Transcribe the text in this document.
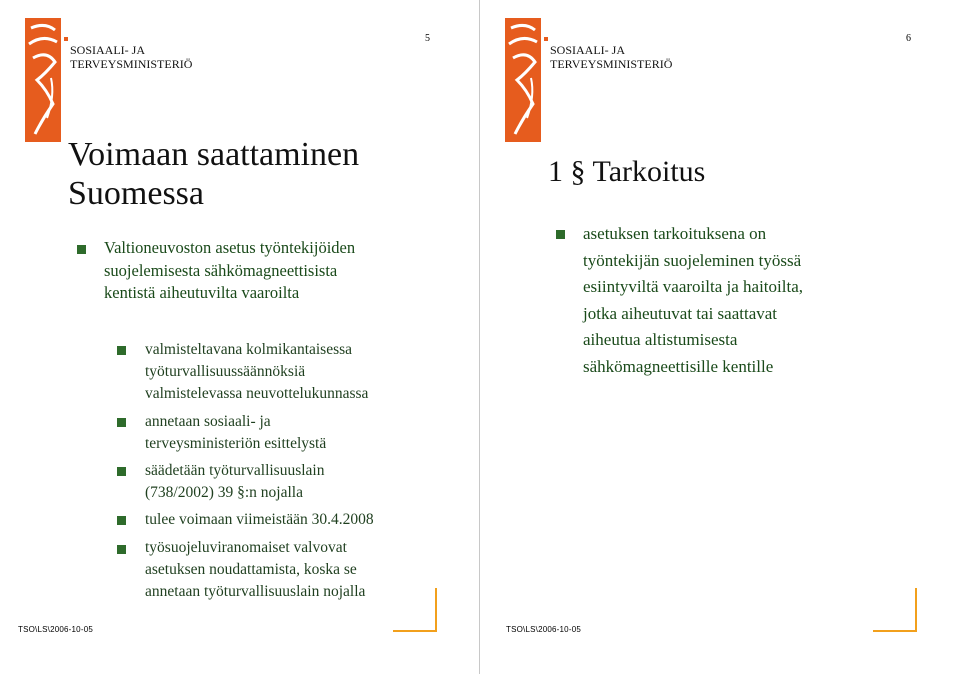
SOSIAALI- JA
TERVEYSMINISTERIÖ
5
Voimaan saattaminen
Suomessa
Valtioneuvoston asetus työntekijöiden
suojelemisesta sähkömagneettisista
kentistä aiheutuvilta vaaroilta
valmisteltavana kolmikantaisessa
työturvallisuussäännöksiä
valmistelevassa neuvottelukunnassa
annetaan sosiaali- ja
terveysministeriön esittelystä
säädetään työturvallisuuslain
(738/2002) 39 §:n nojalla
tulee voimaan viimeistään 30.4.2008
työsuojeluviranomaiset valvovat
asetuksen noudattamista, koska se
annetaan työturvallisuuslain nojalla
TSO\LS\2006-10-05
SOSIAALI- JA
TERVEYSMINISTERIÖ
6
1 § Tarkoitus
asetuksen tarkoituksena on
työntekijän suojeleminen työssä
esiintyviltä vaaroilta ja haitoilta,
jotka aiheutuvat tai saattavat
aiheutua altistumisesta
sähkömagneettisille kentille
TSO\LS\2006-10-05
